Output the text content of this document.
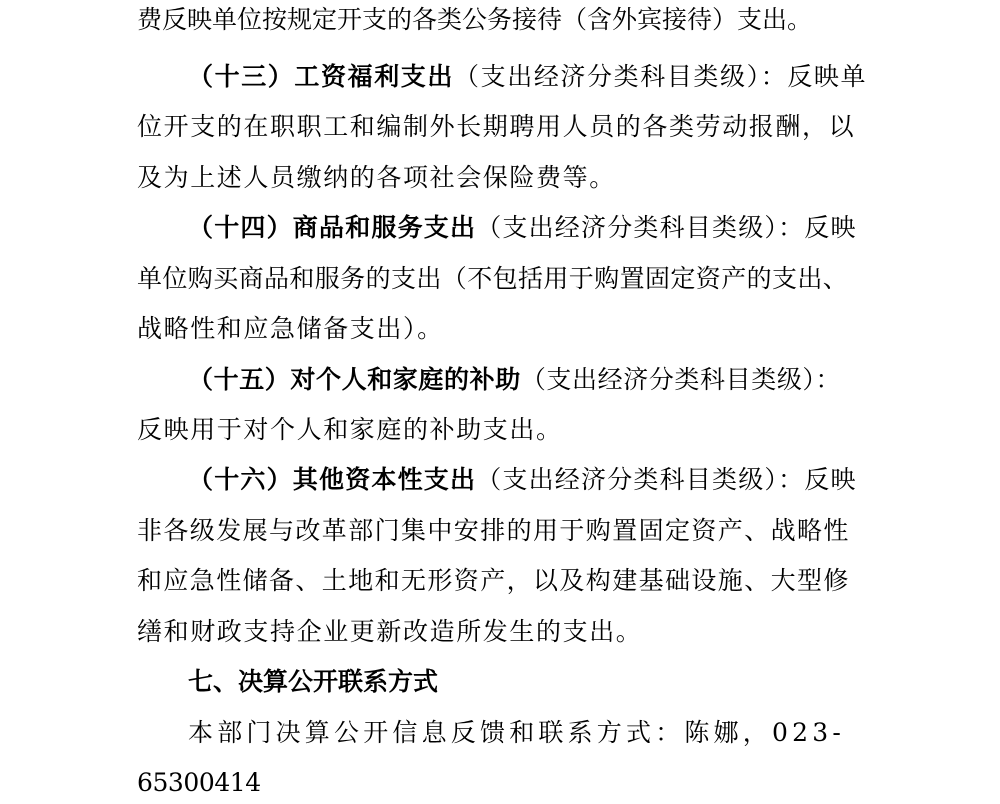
费反映单位按规定开支的各类公务接待（含外宾接待）支出。
（十三）工资福利支出（支出经济分类科目类级）：反映单
位开支的在职职工和编制外长期聘用人员的各类劳动报酬，以
及为上述人员缴纳的各项社会保险费等。
（十四）商品和服务支出（支出经济分类科目类级）：反映
单位购买商品和服务的支出（不包括用于购置固定资产的支出、
战略性和应急储备支出）。
（十五）对个人和家庭的补助（支出经济分类科目类级）：
反映用于对个人和家庭的补助支出。
（十六）其他资本性支出（支出经济分类科目类级）：反映
非各级发展与改革部门集中安排的用于购置固定资产、战略性
和应急性储备、土地和无形资产，以及构建基础设施、大型修
缮和财政支持企业更新改造所发生的支出。
七、决算公开联系方式
本部门决算公开信息反馈和联系方式：陈娜，023-
65300414
